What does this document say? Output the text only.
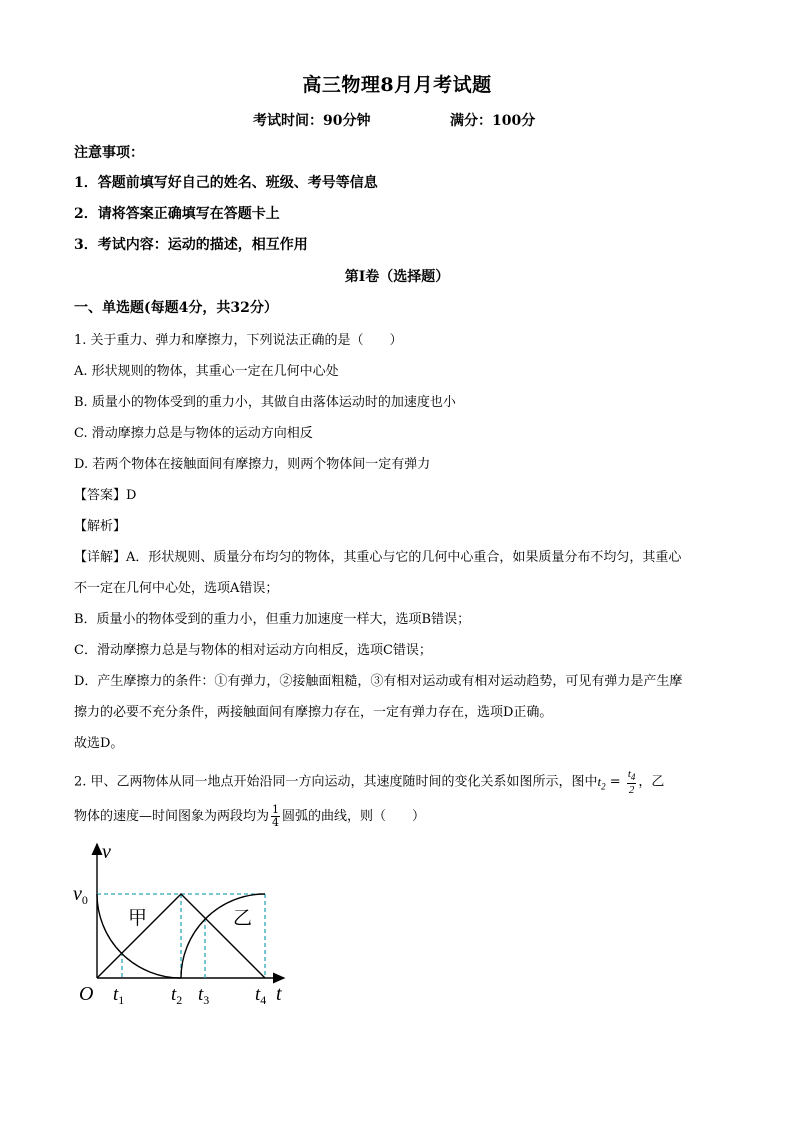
高三物理8月月考试题
考试时间：90分钟	满分：100分
注意事项：
1．答题前填写好自己的姓名、班级、考号等信息
2．请将答案正确填写在答题卡上
3．考试内容：运动的描述，相互作用
第I卷（选择题）
一、单选题(每题4分，共32分）
1. 关于重力、弹力和摩擦力，下列说法正确的是（　　）
A. 形状规则的物体，其重心一定在几何中心处
B. 质量小的物体受到的重力小，其做自由落体运动时的加速度也小
C. 滑动摩擦力总是与物体的运动方向相反
D. 若两个物体在接触面间有摩擦力，则两个物体间一定有弹力
【答案】D
【解析】
【详解】A．形状规则、质量分布均匀的物体，其重心与它的几何中心重合，如果质量分布不均匀，其重心
不一定在几何中心处，选项A错误；
B．质量小的物体受到的重力小，但重力加速度一样大，选项B错误；
C．滑动摩擦力总是与物体的相对运动方向相反，选项C错误；
D．产生摩擦力的条件：①有弹力，②接触面粗糙，③有相对运动或有相对运动趋势，可见有弹力是产生摩
擦力的必要不充分条件，两接触面间有摩擦力存在，一定有弹力存在，选项D正确。
故选D。
2. 甲、乙两物体从同一地点开始沿同一方向运动，其速度随时间的变化关系如图所示，图中$t_2 = \frac{t_4}{2}$ ，乙
物体的速度—时间图象为两段均为 $\frac{1}{4}$ 圆弧的曲线，则（　　）
v
$v_0$
甲	乙
O $t_1$ $t_2$ $t_3$ $t_4$ t
